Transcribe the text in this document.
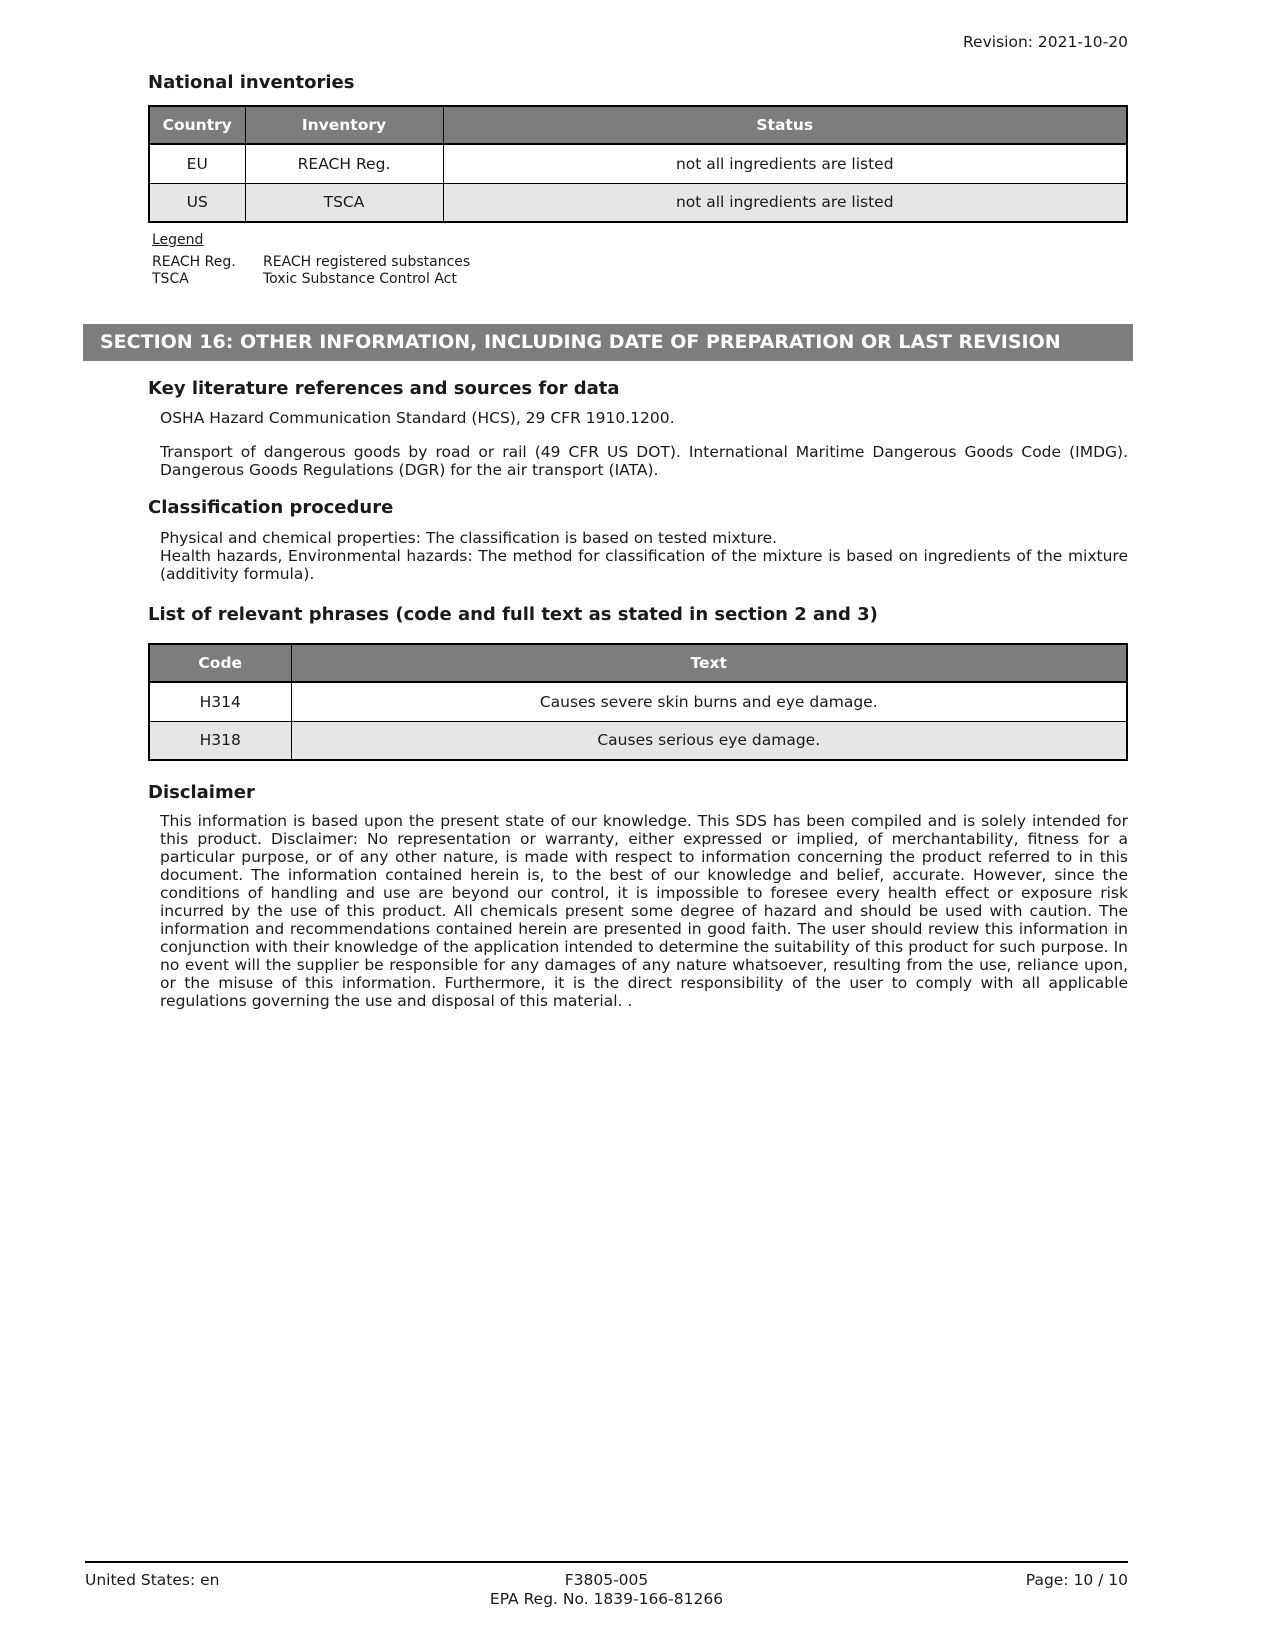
Revision: 2021-10-20
National inventories
Country	Inventory	Status
EU	REACH Reg.	not all ingredients are listed
US	TSCA	not all ingredients are listed
Legend
REACH Reg.	REACH registered substances
TSCA	Toxic Substance Control Act
SECTION 16: OTHER INFORMATION, INCLUDING DATE OF PREPARATION OR LAST REVISION
Key literature references and sources for data

OSHA Hazard Communication Standard (HCS), 29 CFR 1910.1200.

Transport of dangerous goods by road or rail (49 CFR US DOT). International Maritime Dangerous Goods Code (IMDG). Dangerous Goods Regulations (DGR) for the air transport (IATA).

Classification procedure

Physical and chemical properties: The classification is based on tested mixture.
Health hazards, Environmental hazards: The method for classification of the mixture is based on ingredients of the mixture (additivity formula).

List of relevant phrases (code and full text as stated in section 2 and 3)
Code	Text
H314	Causes severe skin burns and eye damage.
H318	Causes serious eye damage.
Disclaimer

This information is based upon the present state of our knowledge. This SDS has been compiled and is solely intended for this product. Disclaimer: No representation or warranty, either expressed or implied, of merchantability, fitness for a particular purpose, or of any other nature, is made with respect to information concerning the product referred to in this document. The information contained herein is, to the best of our knowledge and belief, accurate. However, since the conditions of handling and use are beyond our control, it is impossible to foresee every health effect or exposure risk incurred by the use of this product. All chemicals present some degree of hazard and should be used with caution. The information and recommendations contained herein are presented in good faith. The user should review this information in conjunction with their knowledge of the application intended to determine the suitability of this product for such purpose. In no event will the supplier be responsible for any damages of any nature whatsoever, resulting from the use, reliance upon, or the misuse of this information. Furthermore, it is the direct responsibility of the user to comply with all applicable regulations governing the use and disposal of this material. .

United States: en	F3805-005
EPA Reg. No. 1839-166-81266
Page: 10 / 10
